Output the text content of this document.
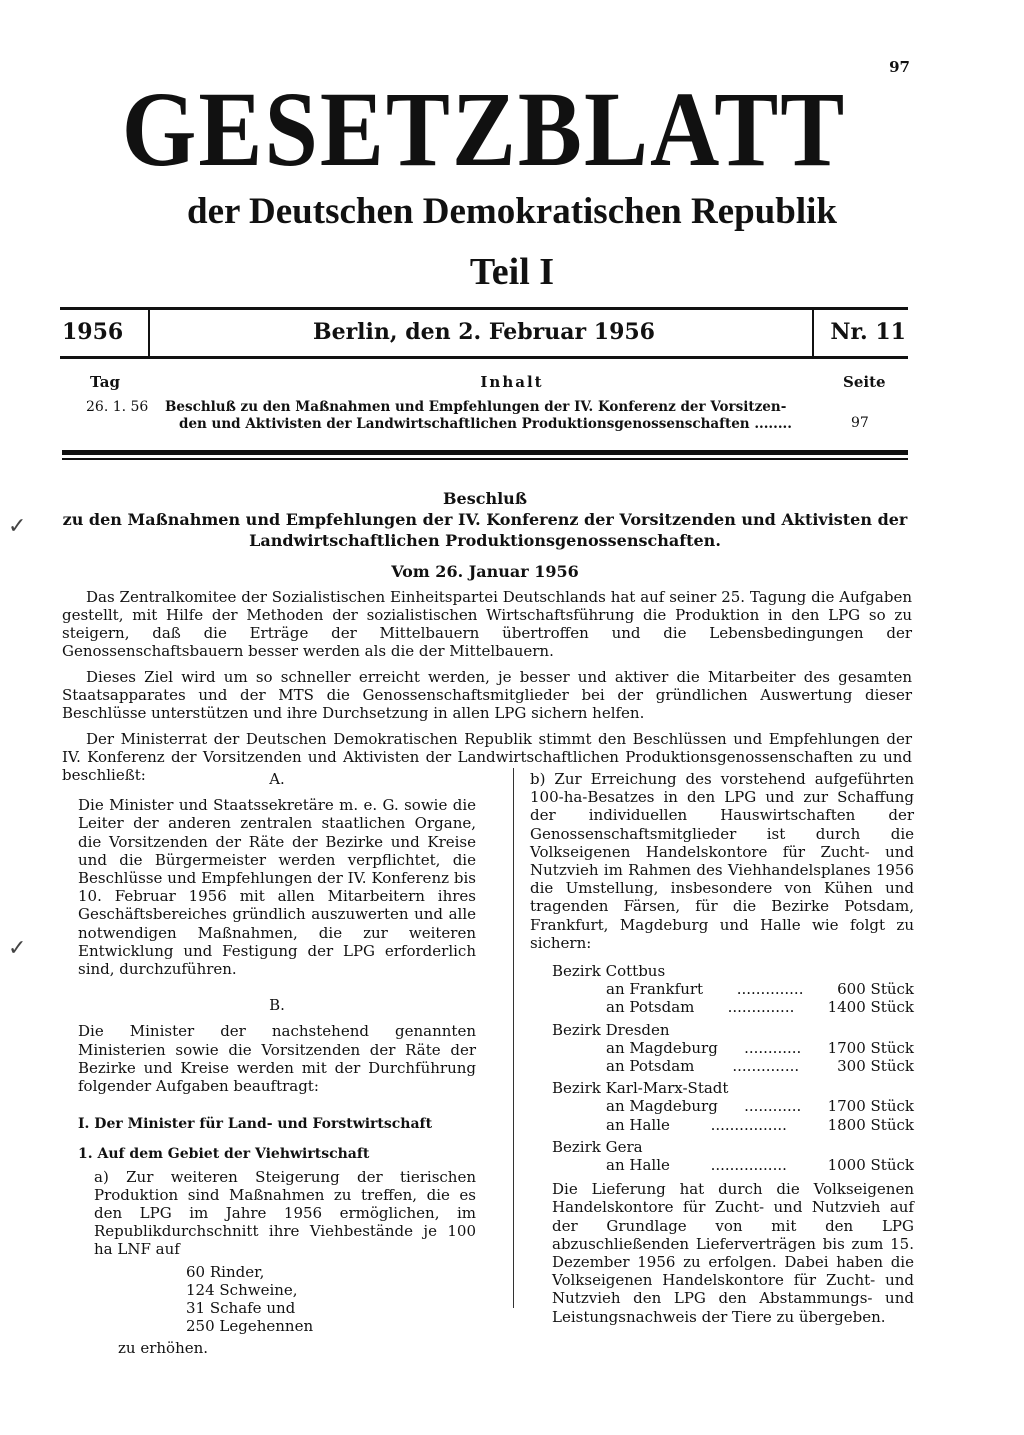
97
GESETZBLATT
der Deutschen Demokratischen Republik
Teil I
1956	Berlin, den 2. Februar 1956	Nr. 11
Tag	Inhalt	Seite
26. 1. 56 Beschluß zu den Maßnahmen und Empfehlungen der IV. Konferenz der Vorsitzen-
den und Aktivisten der Landwirtschaftlichen Produktionsgenossenschaften ........	97
Beschluß
zu den Maßnahmen und Empfehlungen der IV. Konferenz der Vorsitzenden und Aktivisten der
Landwirtschaftlichen Produktionsgenossenschaften.
Vom 26. Januar 1956

Das Zentralkomitee der Sozialistischen Einheitspartei Deutschlands hat auf seiner 25. Tagung die Aufgaben gestellt, mit Hilfe der Methoden der sozialistischen Wirtschaftsführung die Produktion in den LPG so zu steigern, daß die Erträge der Mittelbauern übertroffen und die Lebensbedingungen der Genossenschaftsbauern besser werden als die der Mittelbauern.

Dieses Ziel wird um so schneller erreicht werden, je besser und aktiver die Mitarbeiter des gesamten Staatsapparates und der MTS die Genossenschaftsmitglieder bei der gründlichen Auswertung dieser Beschlüsse unterstützen und ihre Durchsetzung in allen LPG sichern helfen.

Der Ministerrat der Deutschen Demokratischen Republik stimmt den Beschlüssen und Empfehlungen der IV. Konferenz der Vorsitzenden und Aktivisten der Landwirtschaftlichen Produktionsgenossenschaften zu und beschließt:	A.

Die Minister und Staatssekretäre m. e. G. sowie die Leiter der anderen zentralen staatlichen Organe, die Vorsitzenden der Räte der Bezirke und Kreise und die Bürgermeister werden verpflichtet, die Beschlüsse und Empfehlungen der IV. Konferenz bis 10. Februar 1956 mit allen Mitarbeitern ihres Geschäftsbereiches gründlich auszuwerten und alle notwendigen Maßnahmen, die zur weiteren Entwicklung und Festigung der LPG erforderlich sind, durchzuführen.

B.

Die Minister der nachstehend genannten Ministerien sowie die Vorsitzenden der Räte der Bezirke und Kreise werden mit der Durchführung folgender Aufgaben beauftragt:

I. Der Minister für Land- und Forstwirtschaft

1. Auf dem Gebiet der Viehwirtschaft

a) Zur weiteren Steigerung der tierischen Produktion sind Maßnahmen zu treffen, die es den LPG im Jahre 1956 ermöglichen, im Republikdurchschnitt ihre Viehbestände je 100 ha LNF auf

60 Rinder,

124 Schweine,

31 Schafe und

250 Legehennen

zu erhöhen.

b) Zur Erreichung des vorstehend aufgeführten 100-ha-Besatzes in den LPG und zur Schaffung der individuellen Hauswirtschaften der Genossenschaftsmitglieder ist durch die Volkseigenen Handelskontore für Zucht- und Nutzvieh im Rahmen des Viehhandelsplanes 1956 die Umstellung, insbesondere von Kühen und tragenden Färsen, für die Bezirke Potsdam, Frankfurt, Magdeburg und Halle wie folgt zu sichern:

Bezirk Cottbus

an Frankfurt .............. 600 Stück
an Potsdam .............. 1400 Stück

Bezirk Dresden

an Magdeburg ............ 1700 Stück
an Potsdam	..............	300 Stück

Bezirk Karl-Marx-Stadt

an Magdeburg ............ 1700 Stück
an Halle	................	1800 Stück

Bezirk Gera

an Halle	................	1000 Stück

Die Lieferung hat durch die Volkseigenen Handelskontore für Zucht- und Nutzvieh auf der Grundlage von mit den LPG abzuschließenden Lieferverträgen bis zum 15. Dezember 1956 zu erfolgen. Dabei haben die Volkseigenen Handelskontore für Zucht- und Nutzvieh den LPG den Abstammungs- und Leistungsnachweis der Tiere zu übergeben.

✓
✓
